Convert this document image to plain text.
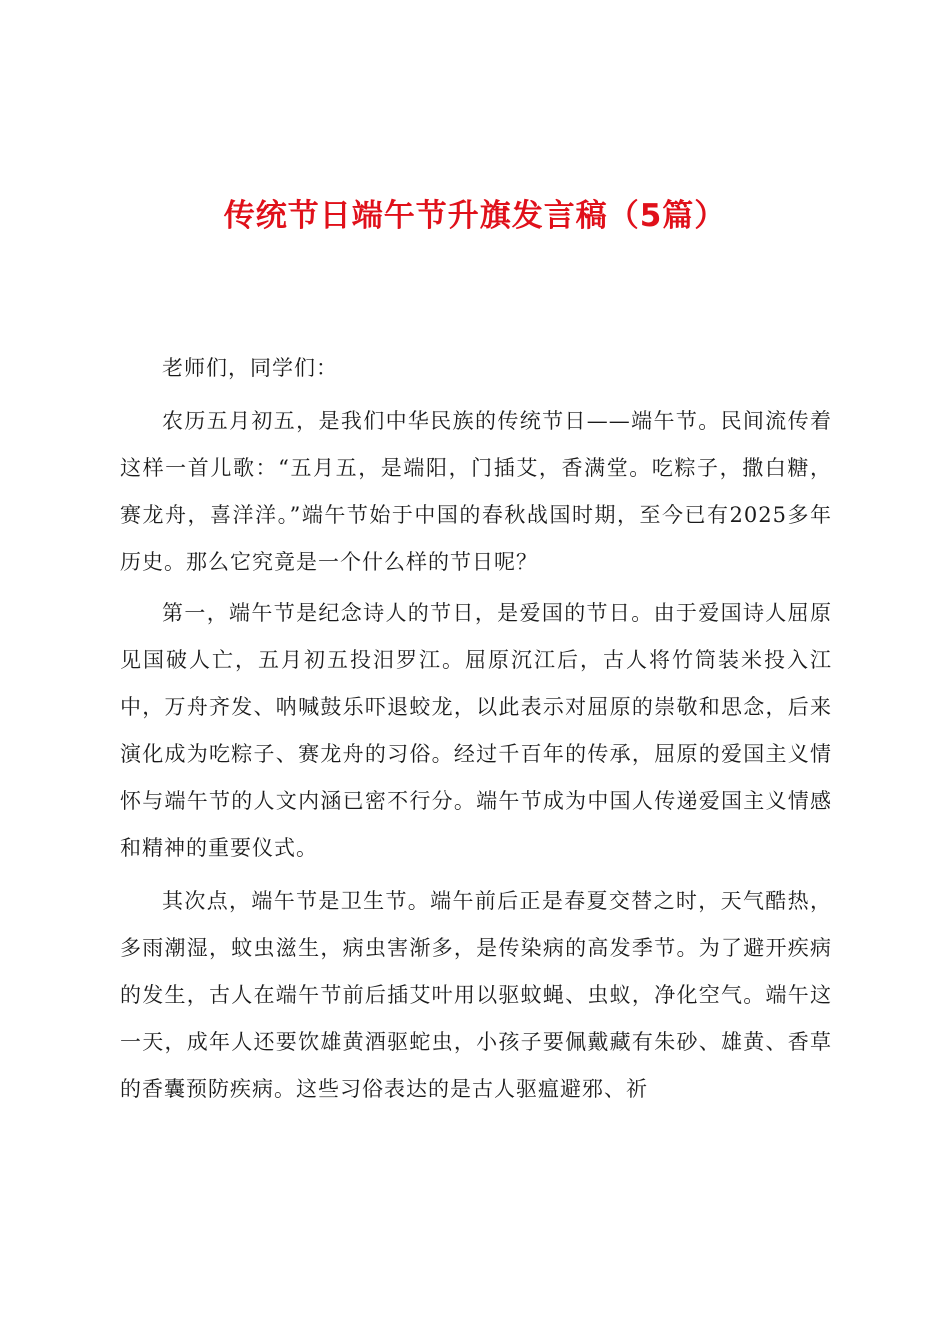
传统节日端午节升旗发言稿（5篇）

老师们，同学们：

农历五月初五，是我们中华民族的传统节日——端午节。民间流传着这样一首儿歌：“五月五，是端阳，门插艾，香满堂。吃粽子，撒白糖，赛龙舟，喜洋洋。”端午节始于中国的春秋战国时期，至今已有2025多年历史。那么它究竟是一个什么样的节日呢？

第一，端午节是纪念诗人的节日，是爱国的节日。由于爱国诗人屈原见国破人亡，五月初五投汨罗江。屈原沉江后，古人将竹筒装米投入江中，万舟齐发、呐喊鼓乐吓退蛟龙，以此表示对屈原的崇敬和思念，后来演化成为吃粽子、赛龙舟的习俗。经过千百年的传承，屈原的爱国主义情怀与端午节的人文内涵已密不行分。端午节成为中国人传递爱国主义情感和精神的重要仪式。

其次点，端午节是卫生节。端午前后正是春夏交替之时，天气酷热，多雨潮湿，蚊虫滋生，病虫害渐多，是传染病的高发季节。为了避开疾病的发生，古人在端午节前后插艾叶用以驱蚊蝇、虫蚁，净化空气。端午这一天，成年人还要饮雄黄酒驱蛇虫，小孩子要佩戴藏有朱砂、雄黄、香草的香囊预防疾病。这些习俗表达的是古人驱瘟避邪、祈
